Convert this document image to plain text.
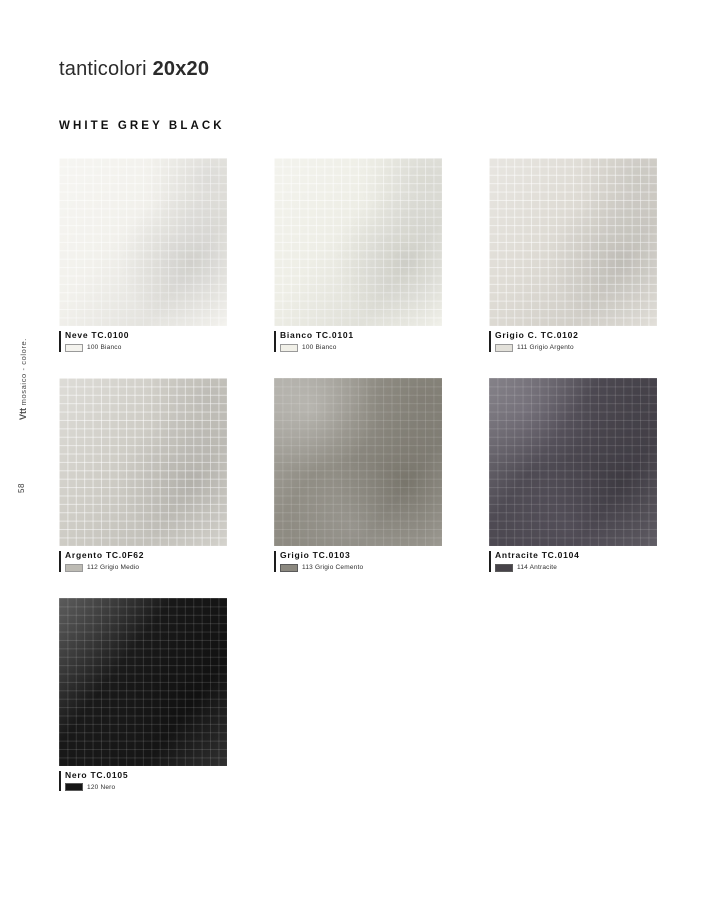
tanticolori 20x20
WHITE GREY BLACK
Vtt mosaico - colore.
58
Neve TC.0100
100 Bianco
Bianco TC.0101
100 Bianco
Grigio C. TC.0102
111 Grigio Argento
Argento TC.0F62
112 Grigio Medio
Grigio TC.0103
113 Grigio Cemento
Antracite TC.0104
114 Antracite
Nero TC.0105
120 Nero
